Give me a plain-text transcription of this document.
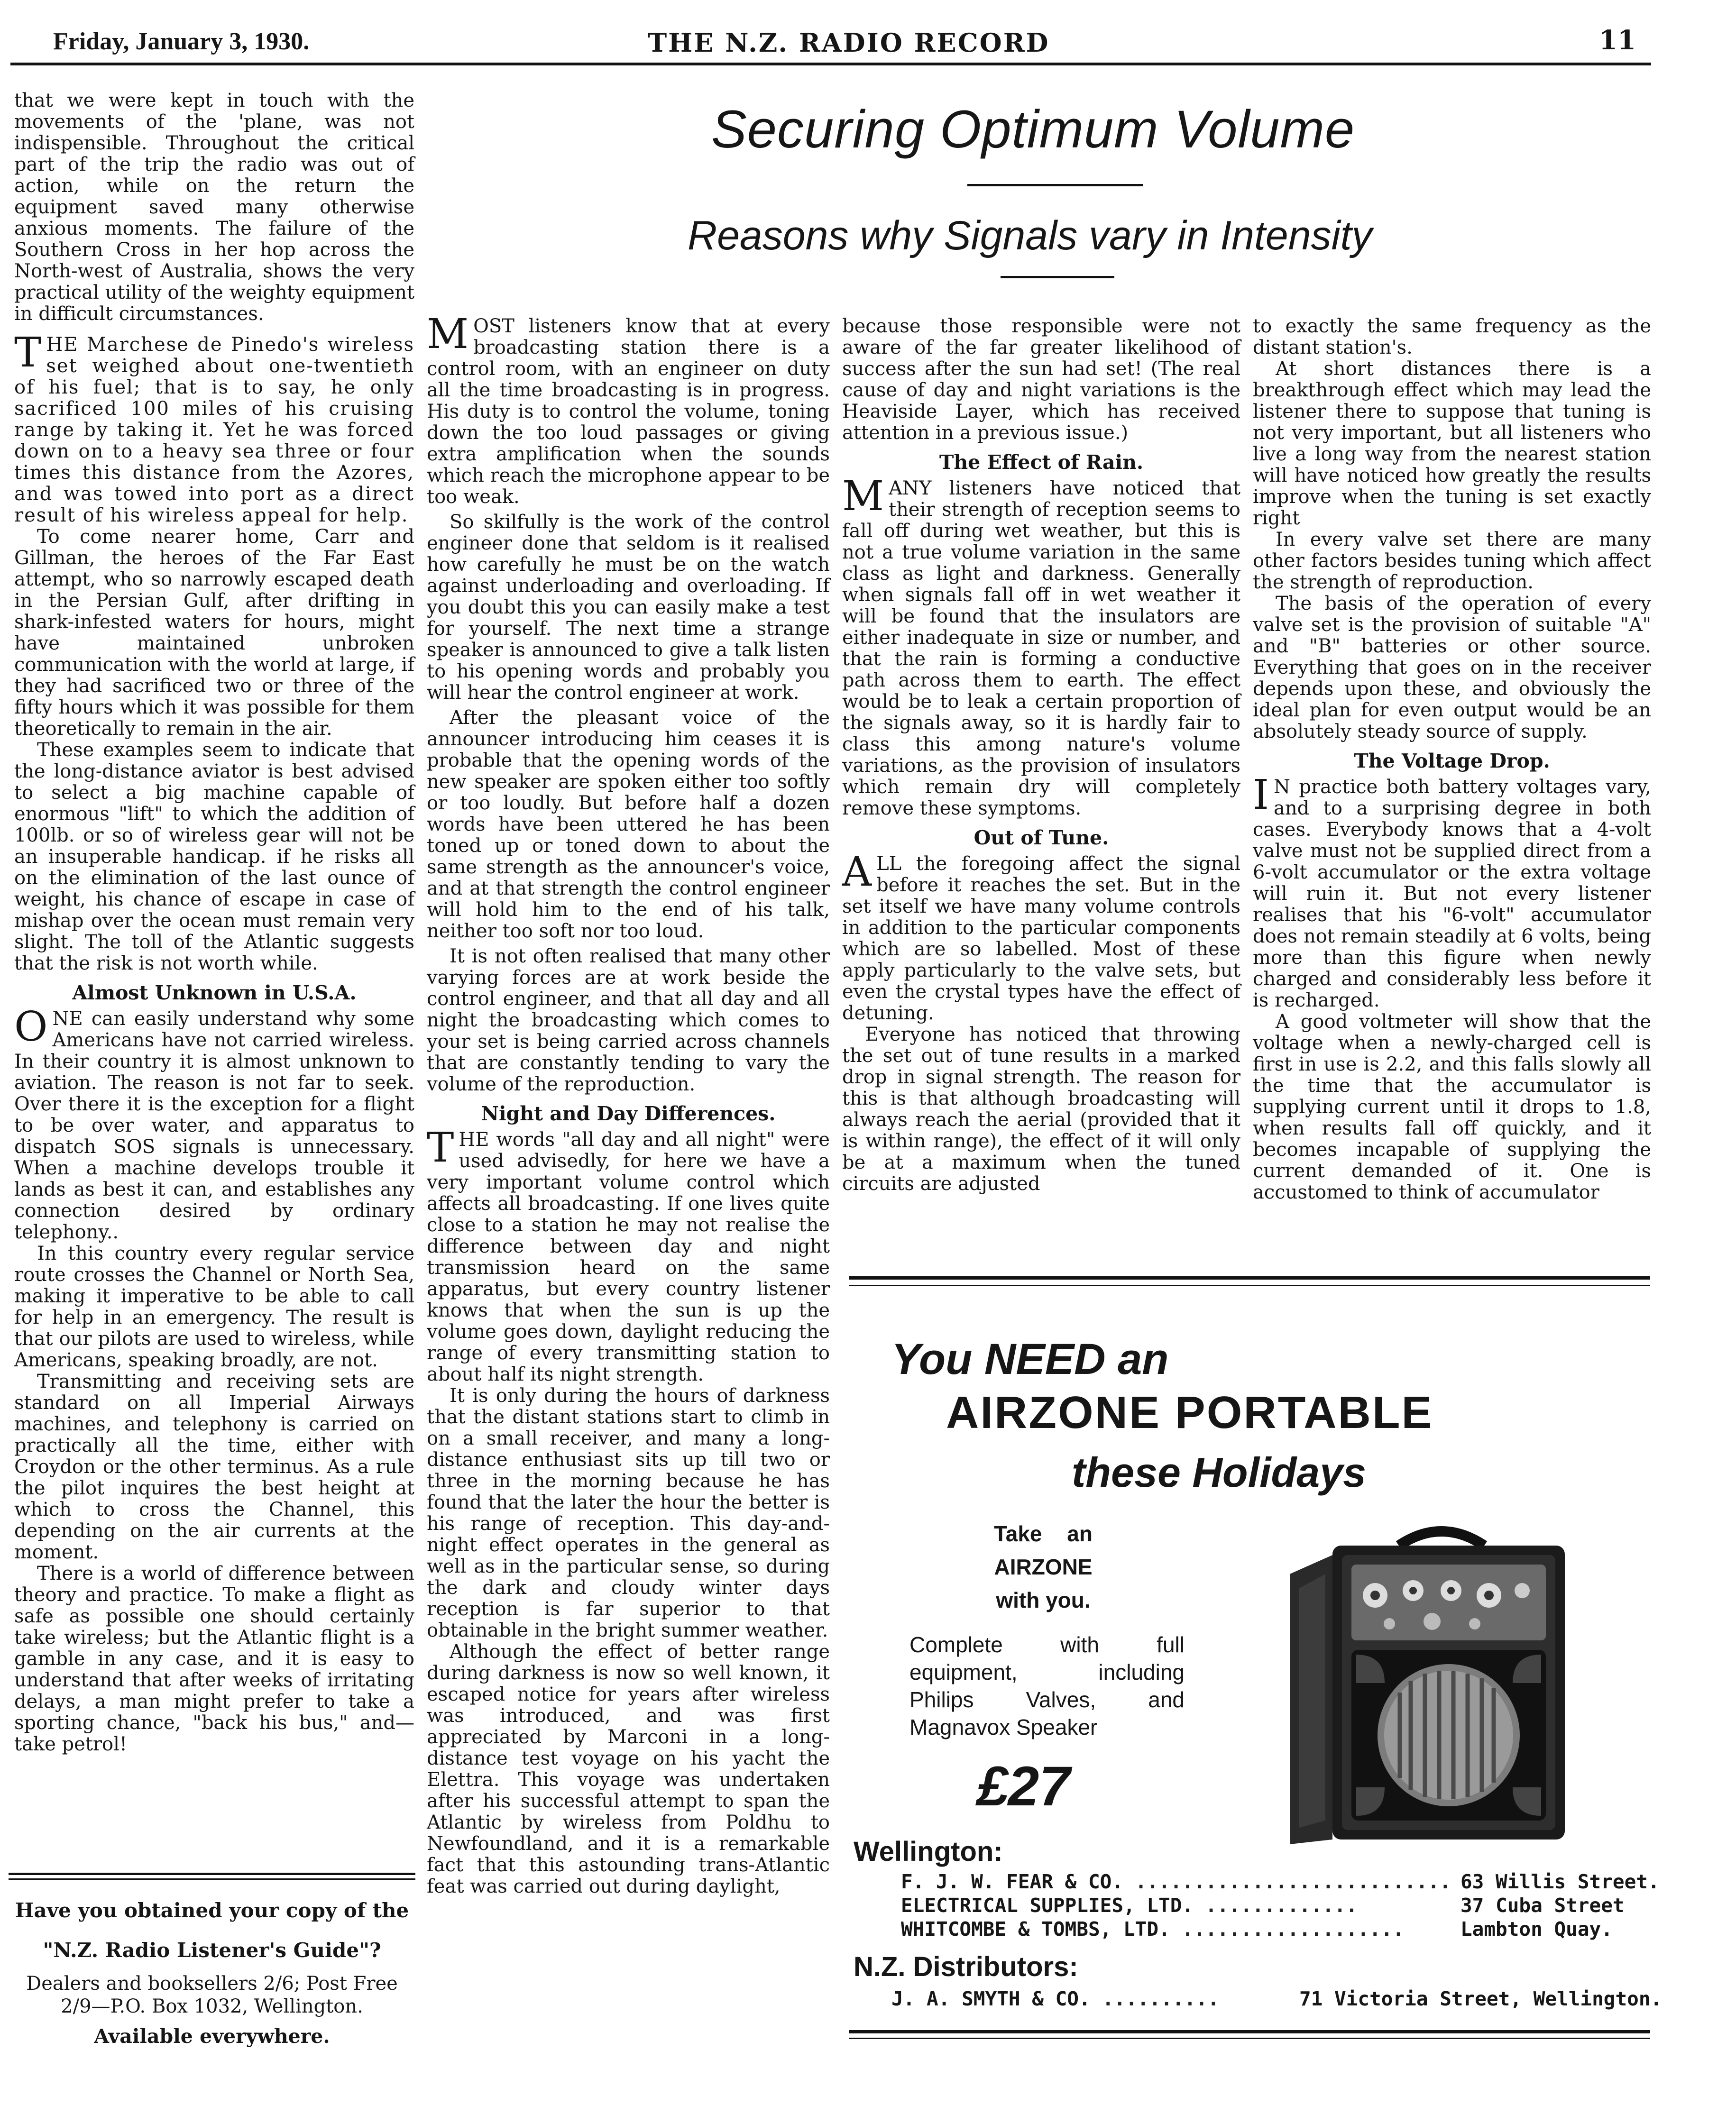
Friday, January 3, 1930.	THE N.Z. RADIO RECORD	11

that we were kept in touch with the movements of the 'plane, was not indispensible. Throughout the critical part of the trip the radio was out of action, while on the return the equipment saved many otherwise anxious moments. The failure of the Southern Cross in her hop across the North-west of Australia, shows the very practical utility of the weighty equipment in difficult circumstances.

THE Marchese de Pinedo's wireless set weighed about one-twentieth of his fuel; that is to say, he only sacrificed 100 miles of his cruising range by taking it. Yet he was forced down on to a heavy sea three or four times this distance from the Azores, and was towed into port as a direct result of his wireless appeal for help.

To come nearer home, Carr and Gillman, the heroes of the Far East attempt, who so narrowly escaped death in the Persian Gulf, after drifting in shark-infested waters for hours, might have maintained unbroken communication with the world at large, if they had sacrificed two or three of the fifty hours which it was possible for them theoretically to remain in the air.

These examples seem to indicate that the long-distance aviator is best advised to select a big machine capable of enormous "lift" to which the addition of 100lb. or so of wireless gear will not be an insuperable handicap. if he risks all on the elimination of the last ounce of weight, his chance of escape in case of mishap over the ocean must remain very slight. The toll of the Atlantic suggests that the risk is not worth while.

Almost Unknown in U.S.A.

ONE can easily understand why some Americans have not carried wireless. In their country it is almost unknown to aviation. The reason is not far to seek. Over there it is the exception for a flight to be over water, and apparatus to dispatch SOS signals is unnecessary. When a machine develops trouble it lands as best it can, and establishes any connection desired by ordinary telephony..

In this country every regular service route crosses the Channel or North Sea, making it imperative to be able to call for help in an emergency. The result is that our pilots are used to wireless, while Americans, speaking broadly, are not.

Transmitting and receiving sets are standard on all Imperial Airways machines, and telephony is carried on practically all the time, either with Croydon or the other terminus. As a rule the pilot inquires the best height at which to cross the Channel, this depending on the air currents at the moment.

There is a world of difference between theory and practice. To make a flight as safe as possible one should certainly take wireless; but the Atlantic flight is a gamble in any case, and it is easy to understand that after weeks of irritating delays, a man might prefer to take a sporting chance, "back his bus," and—take petrol!

Have you obtained your copy of the
"N.Z. Radio Listener's Guide"?
Dealers and booksellers 2/6; Post Free
2/9—P.O. Box 1032, Wellington.
Available everywhere.
Securing Optimum Volume
Reasons why Signals vary in Intensity

MOST listeners know that at every broadcasting station there is a control room, with an engineer on duty all the time broadcasting is in progress. His duty is to control the volume, toning down the too loud passages or giving extra amplification when the sounds which reach the microphone appear to be too weak.

So skilfully is the work of the control engineer done that seldom is it realised how carefully he must be on the watch against underloading and overloading. If you doubt this you can easily make a test for yourself. The next time a strange speaker is announced to give a talk listen to his opening words and probably you will hear the control engineer at work.

After the pleasant voice of the announcer introducing him ceases it is probable that the opening words of the new speaker are spoken either too softly or too loudly. But before half a dozen words have been uttered he has been toned up or toned down to about the same strength as the announcer's voice, and at that strength the control engineer will hold him to the end of his talk, neither too soft nor too loud.

It is not often realised that many other varying forces are at work beside the control engineer, and that all day and all night the broadcasting which comes to your set is being carried across channels that are constantly tending to vary the volume of the reproduction.

Night and Day Differences.

THE words "all day and all night" were used advisedly, for here we have a very important volume control which affects all broadcasting. If one lives quite close to a station he may not realise the difference between day and night transmission heard on the same apparatus, but every country listener knows that when the sun is up the volume goes down, daylight reducing the range of every transmitting station to about half its night strength.

It is only during the hours of darkness that the distant stations start to climb in on a small receiver, and many a long-distance enthusiast sits up till two or three in the morning because he has found that the later the hour the better is his range of reception. This day-and-night effect operates in the general as well as in the particular sense, so during the dark and cloudy winter days reception is far superior to that obtainable in the bright summer weather.

Although the effect of better range during darkness is now so well known, it escaped notice for years after wireless was introduced, and was first appreciated by Marconi in a long-distance test voyage on his yacht the Elettra. This voyage was undertaken after his successful attempt to span the Atlantic by wireless from Poldhu to Newfoundland, and it is a remarkable fact that this astounding trans-Atlantic feat was carried out during daylight,

because those responsible were not aware of the far greater likelihood of success after the sun had set! (The real cause of day and night variations is the Heaviside Layer, which has received attention in a previous issue.)

The Effect of Rain.

MANY listeners have noticed that their strength of reception seems to fall off during wet weather, but this is not a true volume variation in the same class as light and darkness. Generally when signals fall off in wet weather it will be found that the insulators are either inadequate in size or number, and that the rain is forming a conductive path across them to earth. The effect would be to leak a certain proportion of the signals away, so it is hardly fair to class this among nature's volume variations, as the provision of insulators which remain dry will completely remove these symptoms.

Out of Tune.

ALL the foregoing affect the signal before it reaches the set. But in the set itself we have many volume controls in addition to the particular components which are so labelled. Most of these apply particularly to the valve sets, but even the crystal types have the effect of detuning.

Everyone has noticed that throwing the set out of tune results in a marked drop in signal strength. The reason for this is that although broadcasting will always reach the aerial (provided that it is within range), the effect of it will only be at a maximum when the tuned circuits are adjusted

to exactly the same frequency as the distant station's.

At short distances there is a breakthrough effect which may lead the listener there to suppose that tuning is not very important, but all listeners who live a long way from the nearest station will have noticed how greatly the results improve when the tuning is set exactly right

In every valve set there are many other factors besides tuning which affect the strength of reproduction.

The basis of the operation of every valve set is the provision of suitable "A" and "B" batteries or other source. Everything that goes on in the receiver depends upon these, and obviously the ideal plan for even output would be an absolutely steady source of supply.

The Voltage Drop.

I N practice both battery voltages vary, and to a surprising degree in both cases. Everybody knows that a 4-volt valve must not be supplied direct from a 6-volt accumulator or the extra voltage will ruin it. But not every listener realises that his "6-volt" accumulator does not remain steadily at 6 volts, being more than this figure when newly charged and considerably less before it is recharged.

A good voltmeter will show that the voltage when a newly-charged cell is first in use is 2.2, and this falls slowly all the time that the accumulator is supplying current until it drops to 1.8, when results fall off quickly, and it becomes incapable of supplying the current demanded of it. One is accustomed to think of accumulator

You NEED an
AIRZONE PORTABLE
these Holidays
Take an
AIRZONE
with you.
Complete with full
equipment, including
Philips Valves, and
Magnavox Speaker
£27
Wellington:
F. J. W. FEAR & CO. ........................... 63 Willis Street.
ELECTRICAL SUPPLIES, LTD. .............	37 Cuba Street
WHITCOMBE & TOMBS, LTD. ...................	Lambton Quay.
N.Z. Distributors:
J. A. SMYTH & CO. ..........	71 Victoria Street, Wellington.
